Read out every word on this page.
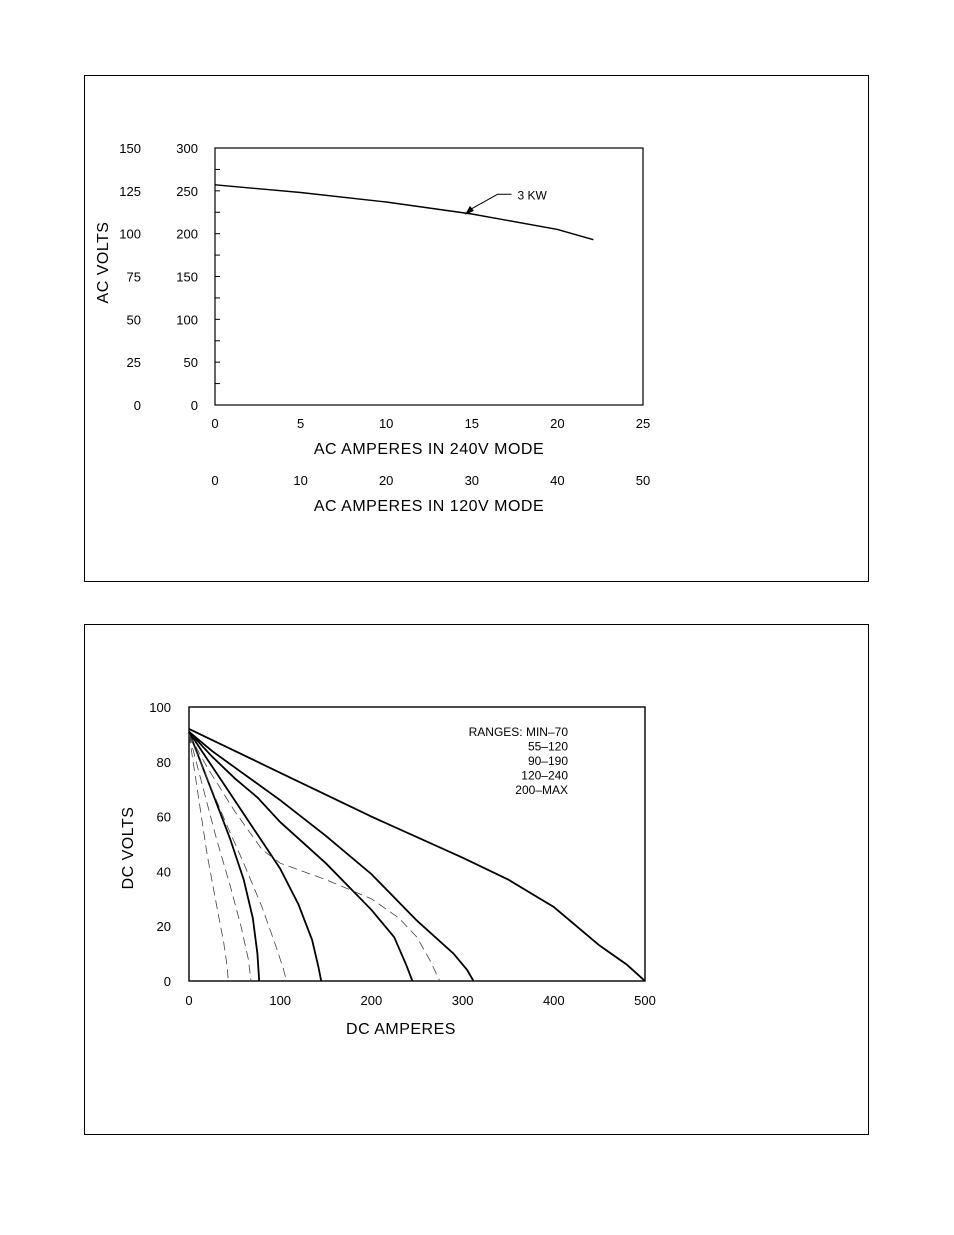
300
250
200
150
100
50
0
150
125
100
75
50
25
0
0	5	10	15	20	25
0	10	20	30	40	50
AC AMPERES IN 240V MODE
AC AMPERES IN 120V MODE
AC VOLTS
3 KW
100
80
60
40
20
0
0	100	200	300	400	500
DC AMPERES
DC VOLTS
RANGES: MIN–70
55–120
90–190
120–240
200–MAX
